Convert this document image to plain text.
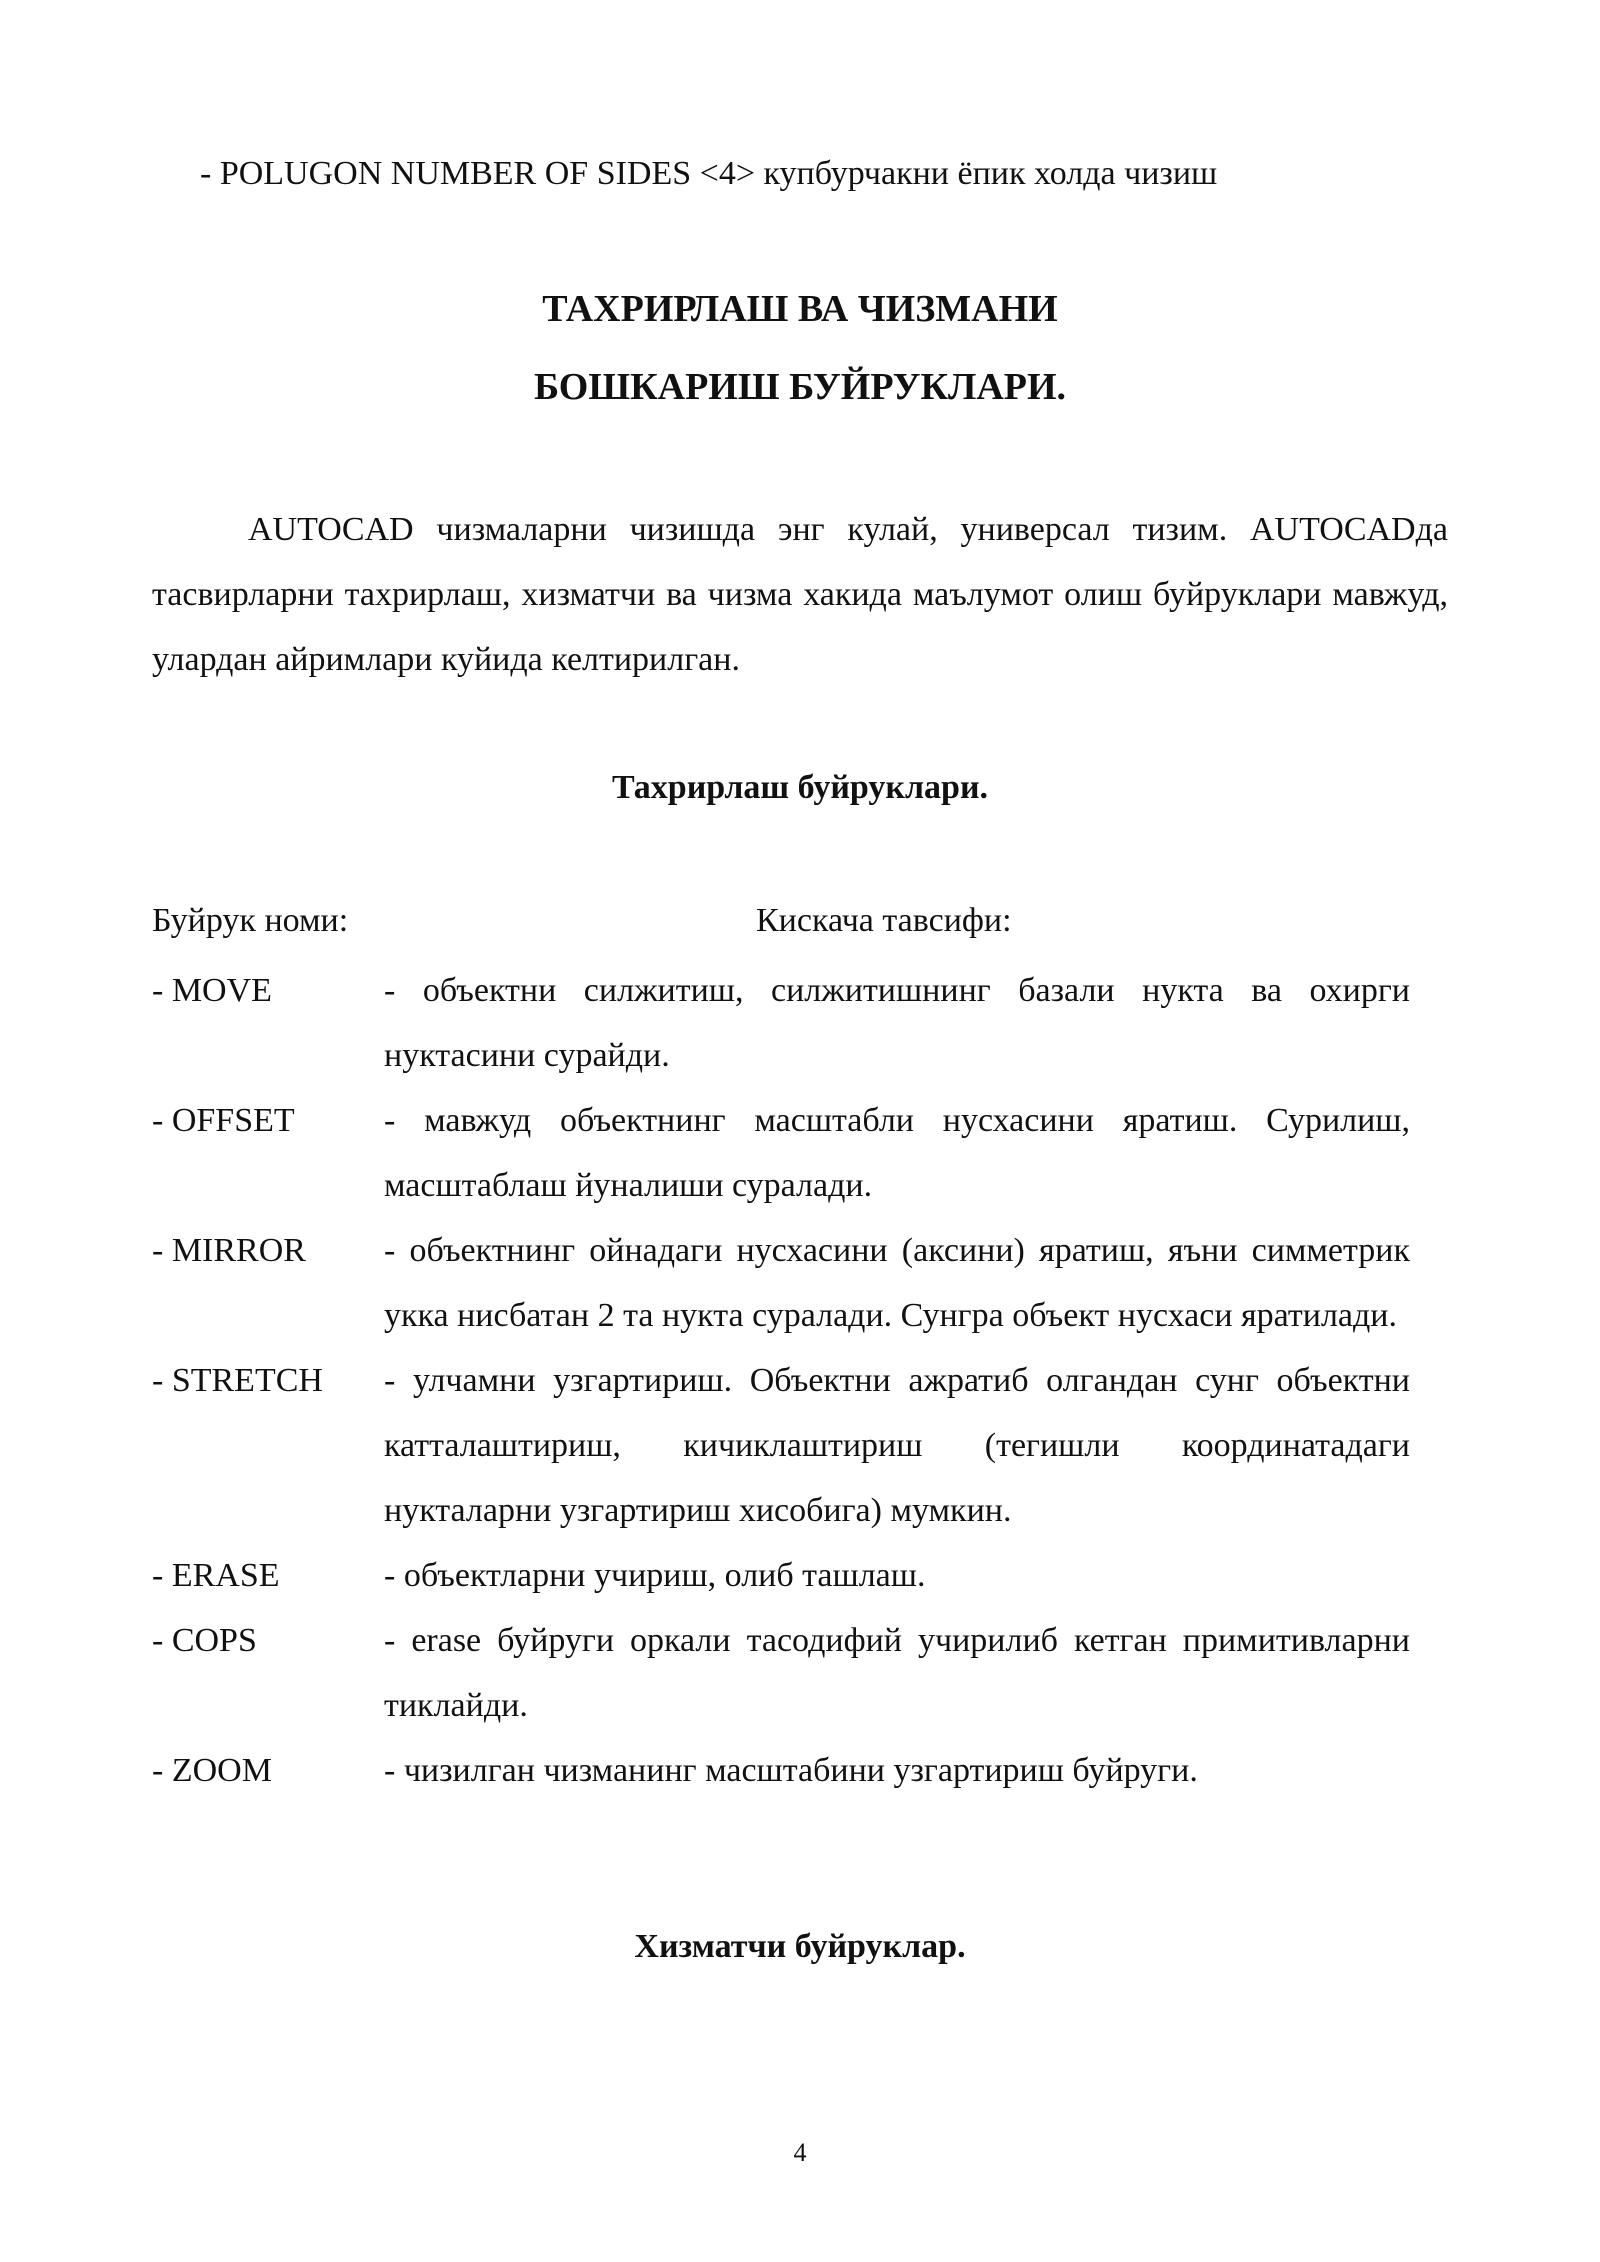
- POLUGON NUMBER OF SIDES <4> купбурчакни ёпик холда чизиш
ТАХРИРЛАШ ВА ЧИЗМАНИ
БОШКАРИШ БУЙРУКЛАРИ.
AUTOCAD чизмаларни чизишда энг кулай, универсал тизим. AUTOCADда тасвирларни тахрирлаш, хизматчи ва чизма хакида маълумот олиш буйруклари мавжуд, улардан айримлари куйида келтирилган.
Тахрирлаш буйруклари.
Буйрук номи:	Кискача тавсифи:
- MOVE	- объектни силжитиш, силжитишнинг базали нукта ва охирги нуктасини сурайди.
- OFFSET	- мавжуд объектнинг масштабли нусхасини яратиш. Сурилиш, масштаблаш йуналиши суралади.
- MIRROR	- объектнинг ойнадаги нусхасини (аксини) яратиш, яъни симметрик укка нисбатан 2 та нукта суралади. Сунгра объект нусхаси яратилади.
- STRETCH	- улчамни узгартириш. Объектни ажратиб олгандан сунг объектни катталаштириш, кичиклаштириш (тегишли координатадаги нукталарни узгартириш хисобига) мумкин.
- ERASE	- объектларни учириш, олиб ташлаш.
- COPS	- erase буйруги оркали тасодифий учирилиб кетган примитивларни тиклайди.
- ZOOM	- чизилган чизманинг масштабини узгартириш буйруги.
Хизматчи буйруклар.
4
